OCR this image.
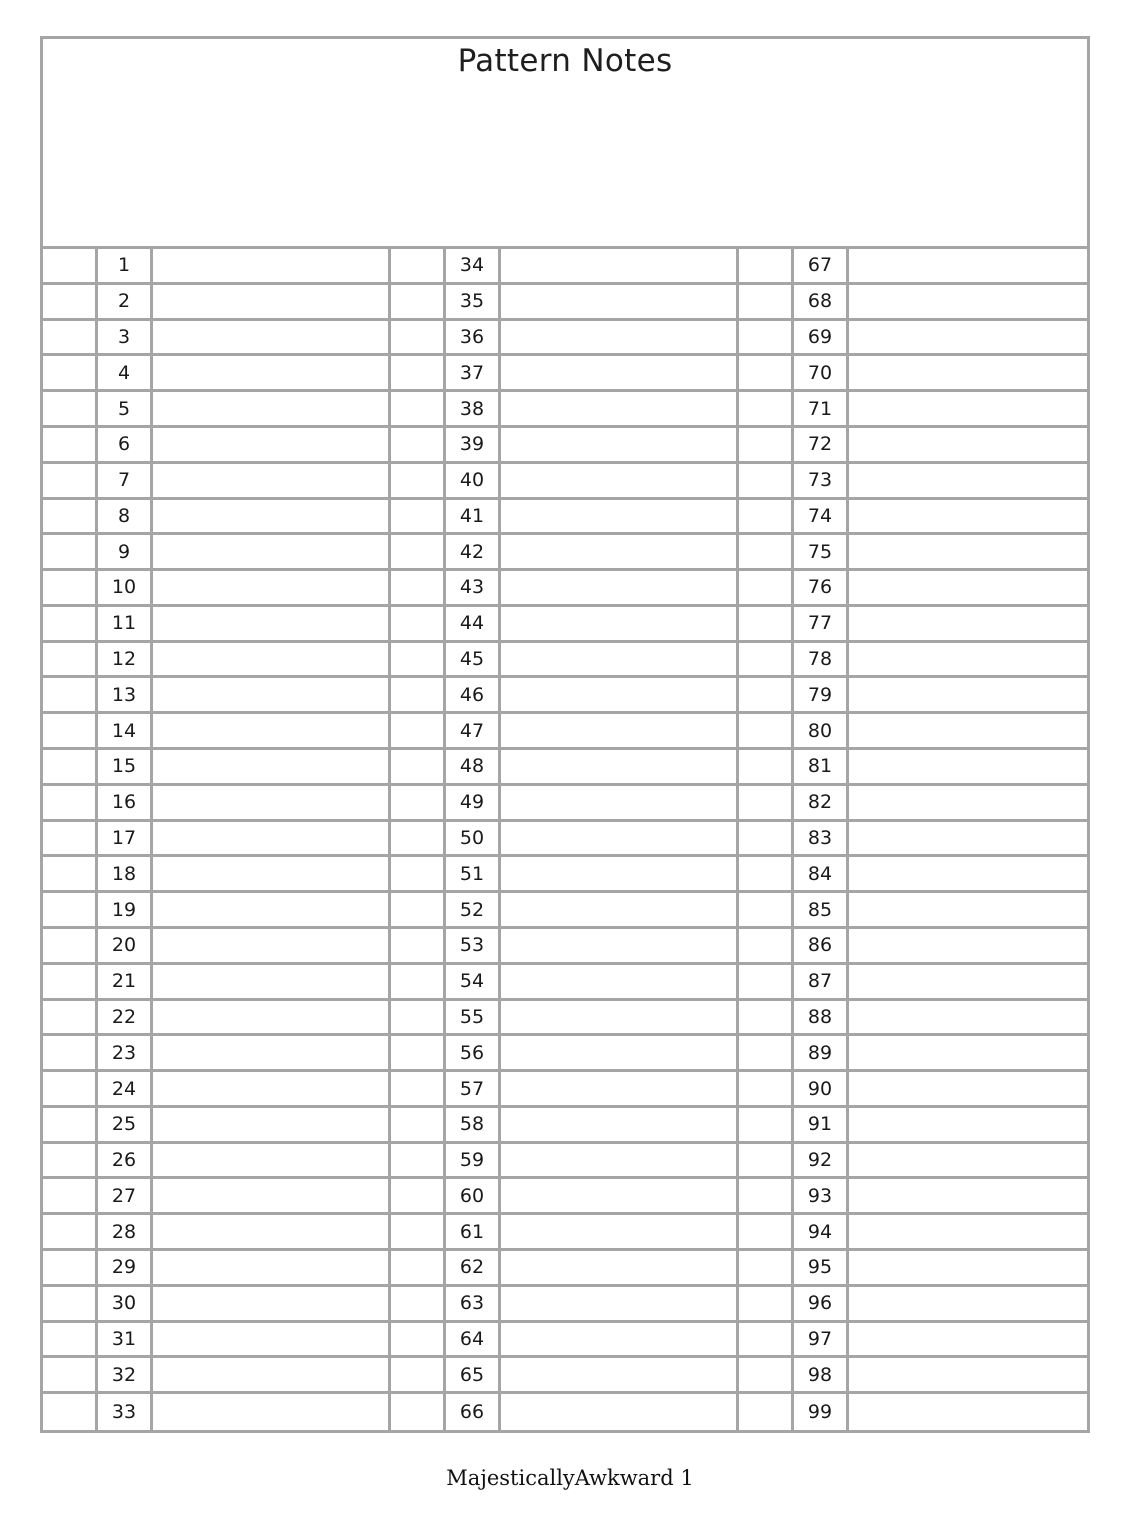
Pattern Notes
1	34	67
2	35	68
3	36	69
4	37	70
5	38	71
6	39	72
7	40	73
8	41	74
9	42	75
10	43	76
11	44	77
12	45	78
13	46	79
14	47	80
15	48	81
16	49	82
17	50	83
18	51	84
19	52	85
20	53	86
21	54	87
22	55	88
23	56	89
24	57	90
25	58	91
26	59	92
27	60	93
28	61	94
29	62	95
30	63	96
31	64	97
32	65	98
33	66	99
MajesticallyAwkward 1
